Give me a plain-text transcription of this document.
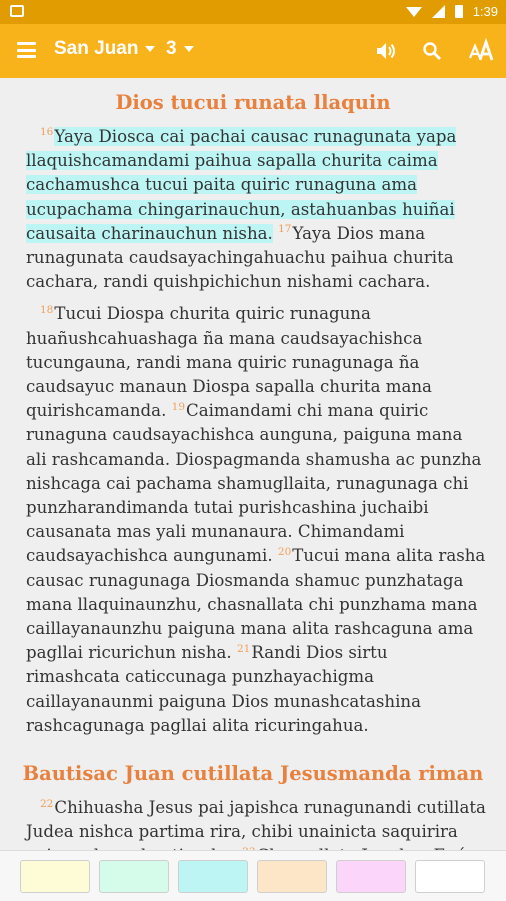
1:39
San Juan 3
Dios tucui runata llaquin

$^{16}$Yaya Diosca cai pachai causac runagunata yapa llaquishcamandami paihua sapalla churita caima cachamushca tucui paita quiric runaguna ama ucupachama chingarinauchun, astahuanbas huiñai causaita charinauchun nisha. $^{17}$Yaya Dios mana runagunata caudsayachingahuachu paihua churita cachara, randi quishpichichun nishami cachara.

$^{18}$Tucui Diospa churita quiric runaguna huañushcahuashaga ña mana caudsayachishca tucungauna, randi mana quiric runagunaga ña caudsayuc manaun Diospa sapalla churita mana quirishcamanda. $^{19}$Caimandami chi mana quiric runaguna caudsayachishca aunguna, paiguna mana ali rashcamanda. Diospagmanda shamusha ac punzha nishcaga cai pachama shamugllaita, runagunaga chi punzharandimanda tutai purishcashina juchaibi causanata mas yali munanaura. Chimandami caudsayachishca aungunami. $^{20}$Tucui mana alita rasha causac runagunaga Diosmanda shamuc punzhataga mana llaquinaunzhu, chasnallata chi punzhama mana caillayanaunzhu paiguna mana alita rashcaguna ama pagllai ricurichun nisha. $^{21}$Randi Dios sirtu rimashcata caticcunaga punzhayachigma caillayanaunmi paiguna Dios munashcatashina rashcagunaga pagllai alita ricuringahua.

Bautisac Juan cutillata Jesusmanda riman

$^{22}$Chihuasha Jesus pai japishca runagunandi cutillata Judea nishca partima rira, chibi unainicta saquirira
